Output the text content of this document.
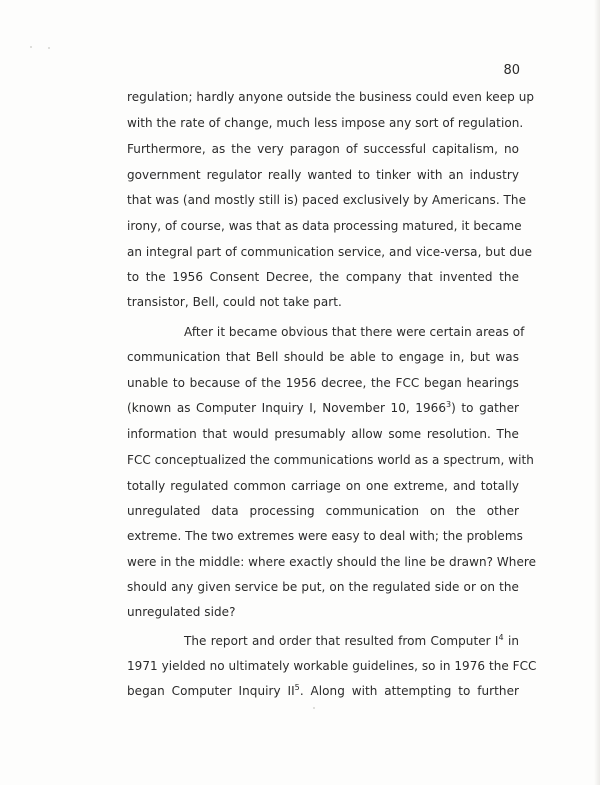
80
regulation; hardly anyone outside the business could even keep up
with the rate of change, much less impose any sort of regulation.
Furthermore, as the very paragon of successful capitalism, no
government regulator really wanted to tinker with an industry
that was (and mostly still is) paced exclusively by Americans. The
irony, of course, was that as data processing matured, it became
an integral part of communication service, and vice-versa, but due
to the 1956 Consent Decree, the company that invented the
transistor, Bell, could not take part.
After it became obvious that there were certain areas of
communication that Bell should be able to engage in, but was
unable to because of the 1956 decree, the FCC began hearings
(known as Computer Inquiry I, November 10, 1966$^3$) to gather
information that would presumably allow some resolution. The
FCC conceptualized the communications world as a spectrum, with
totally regulated common carriage on one extreme, and totally
unregulated data processing communication on the other
extreme. The two extremes were easy to deal with; the problems
were in the middle: where exactly should the line be drawn? Where
should any given service be put, on the regulated side or on the
unregulated side?
The report and order that resulted from Computer $I^4$ in
1971 yielded no ultimately workable guidelines, so in 1976 the FCC
began Computer Inquiry $II^5$. Along with attempting to further
